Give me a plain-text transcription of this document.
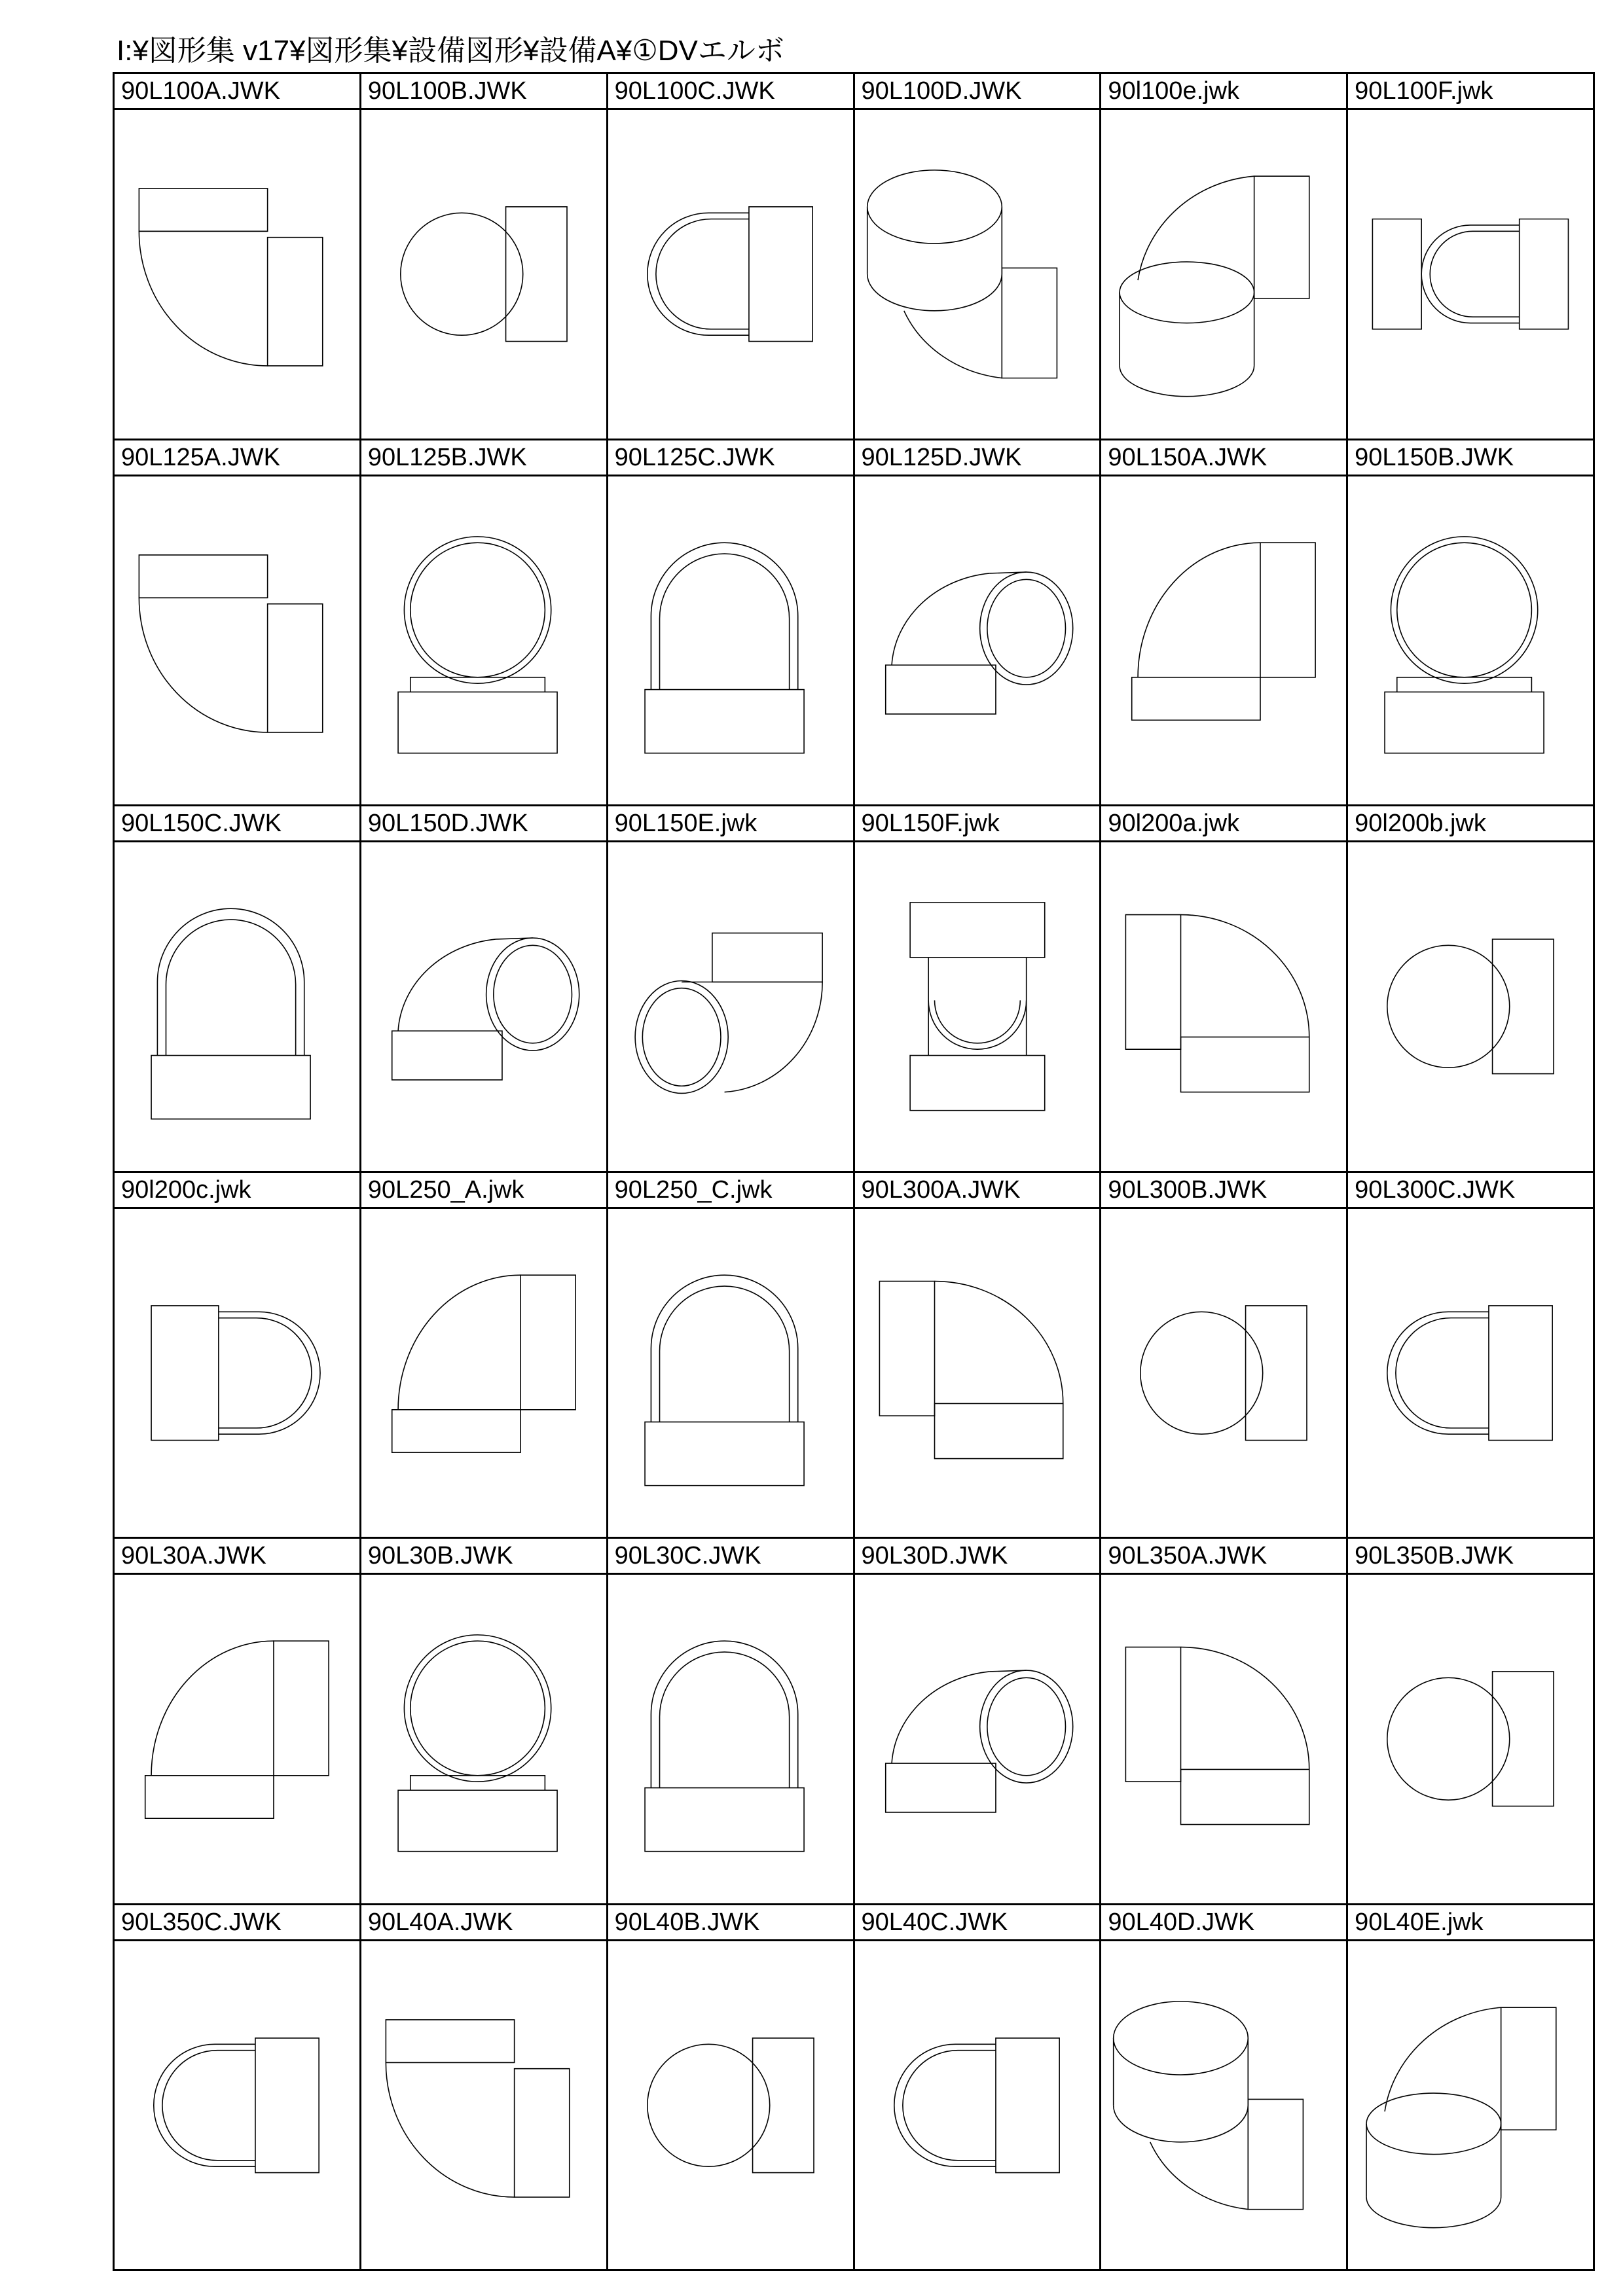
I:¥図形集 v17¥図形集¥設備図形¥設備A¥①DVエルボ
90L100A.JWK	90L100B.JWK	90L100C.JWK	90L100D.JWK	90l100e.jwk	90L100F.jwk
90L125A.JWK	90L125B.JWK	90L125C.JWK	90L125D.JWK	90L150A.JWK	90L150B.JWK
90L150C.JWK	90L150D.JWK	90L150E.jwk	90L150F.jwk	90l200a.jwk	90l200b.jwk
90l200c.jwk	90L250_A.jwk	90L250_C.jwk	90L300A.JWK	90L300B.JWK	90L300C.JWK
90L30A.JWK	90L30B.JWK	90L30C.JWK	90L30D.JWK	90L350A.JWK	90L350B.JWK
90L350C.JWK	90L40A.JWK	90L40B.JWK	90L40C.JWK	90L40D.JWK	90L40E.jwk
